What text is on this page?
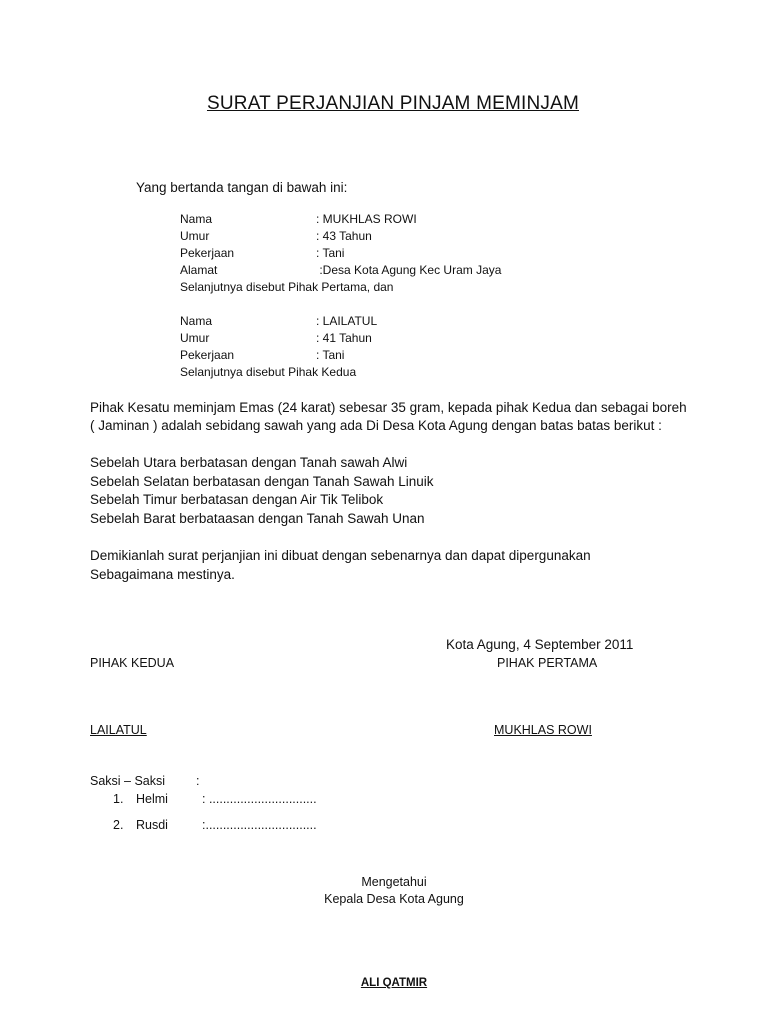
SURAT PERJANJIAN PINJAM MEMINJAM
Yang bertanda tangan di bawah ini:
Nama	: MUKHLAS ROWI
Umur	: 43 Tahun
Pekerjaan	: Tani
Alamat	:Desa Kota Agung Kec Uram Jaya
Selanjutnya disebut Pihak Pertama, dan
Nama	: LAILATUL
Umur	: 41 Tahun
Pekerjaan	: Tani
Selanjutnya disebut Pihak Kedua
Pihak Kesatu meminjam Emas (24 karat) sebesar 35 gram, kepada pihak Kedua dan sebagai boreh
( Jaminan ) adalah sebidang sawah yang ada Di Desa Kota Agung dengan batas batas berikut :
Sebelah Utara berbatasan dengan Tanah sawah Alwi
Sebelah Selatan berbatasan dengan Tanah Sawah Linuik
Sebelah Timur berbatasan dengan Air Tik Telibok
Sebelah Barat berbataasan dengan Tanah Sawah Unan
Demikianlah surat perjanjian ini dibuat dengan sebenarnya dan dapat dipergunakan
Sebagaimana mestinya.
Kota Agung, 4 September 2011
PIHAK KEDUA	PIHAK PERTAMA
LAILATUL	MUKHLAS ROWI
Saksi – Saksi :
1. Helmi	: ...............................
2. Rusdi	:................................
Mengetahui
Kepala Desa Kota Agung
ALI QATMIR
